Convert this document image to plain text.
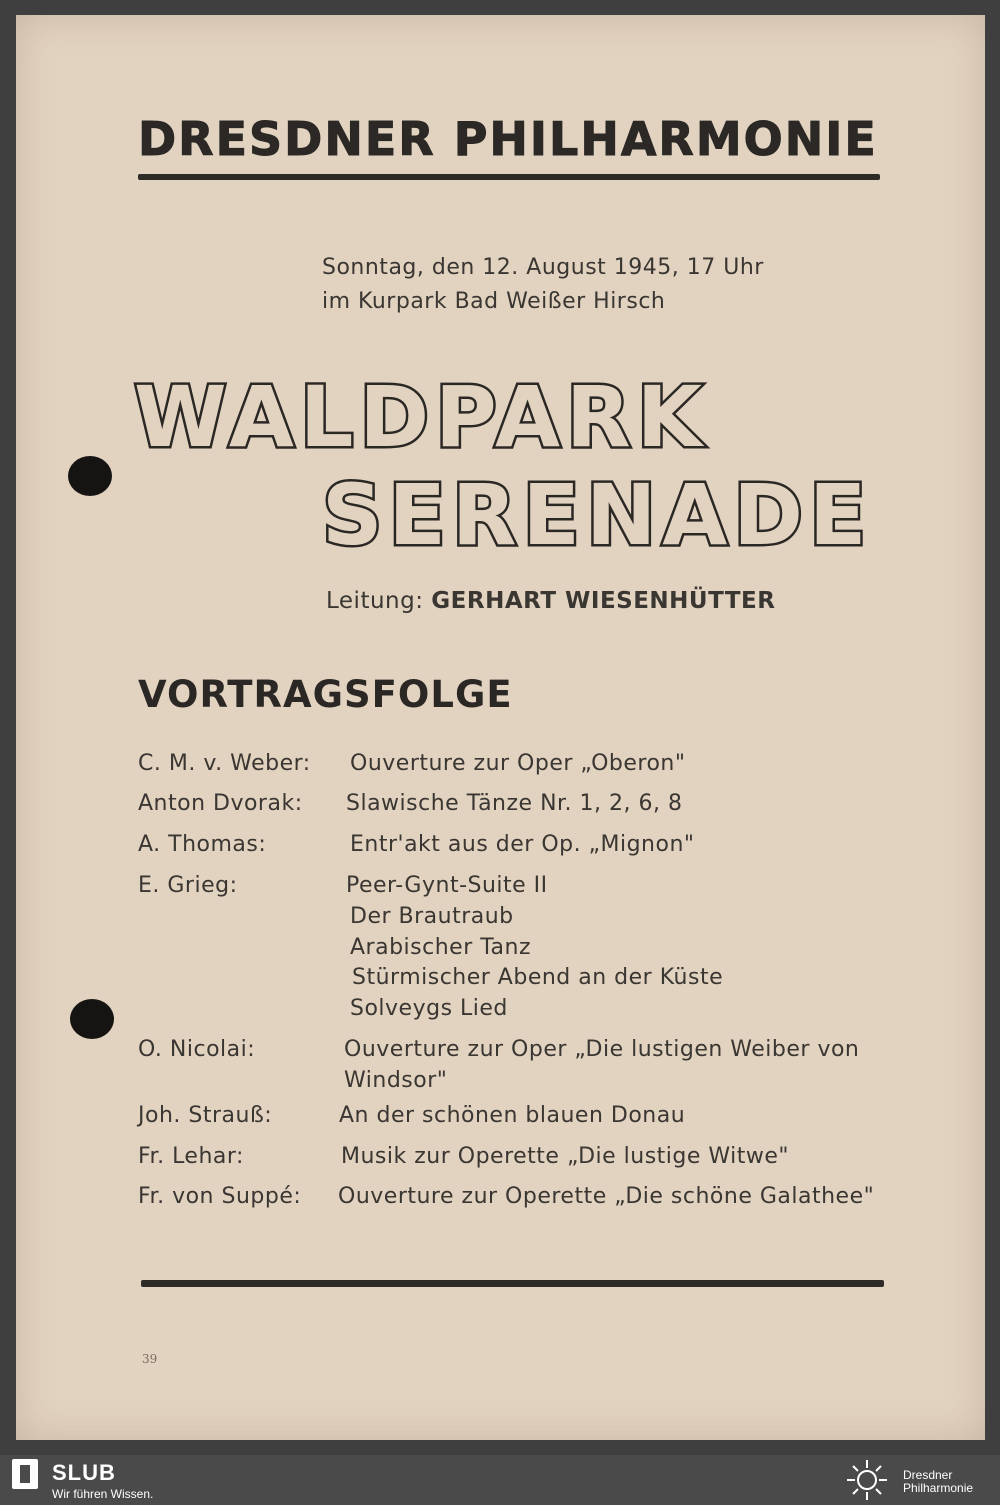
DRESDNER PHILHARMONIE
Sonntag, den 12. August 1945, 17 Uhr
im Kurpark Bad Weißer Hirsch
WALDPARK
SERENADE
Leitung: GERHART WIESENHÜTTER
VORTRAGSFOLGE
C. M. v. Weber: Ouverture zur Oper „Oberon"
Anton Dvorak: Slawische Tänze Nr. 1, 2, 6, 8
A. Thomas:	Entr'akt aus der Op. „Mignon"
E. Grieg:	Peer-Gynt-Suite II
Der Brautraub
Arabischer Tanz
Stürmischer Abend an der Küste
Solveygs Lied
O. Nicolai:	Ouverture zur Oper „Die lustigen Weiber von
Windsor"
Joh. Strauß:	An der schönen blauen Donau
Fr. Lehar:	Musik zur Operette „Die lustige Witwe"
Fr. von Suppé: Ouverture zur Operette „Die schöne Galathee"
39
SLUB
Wir führen Wissen.
Dresdner
Philharmonie
